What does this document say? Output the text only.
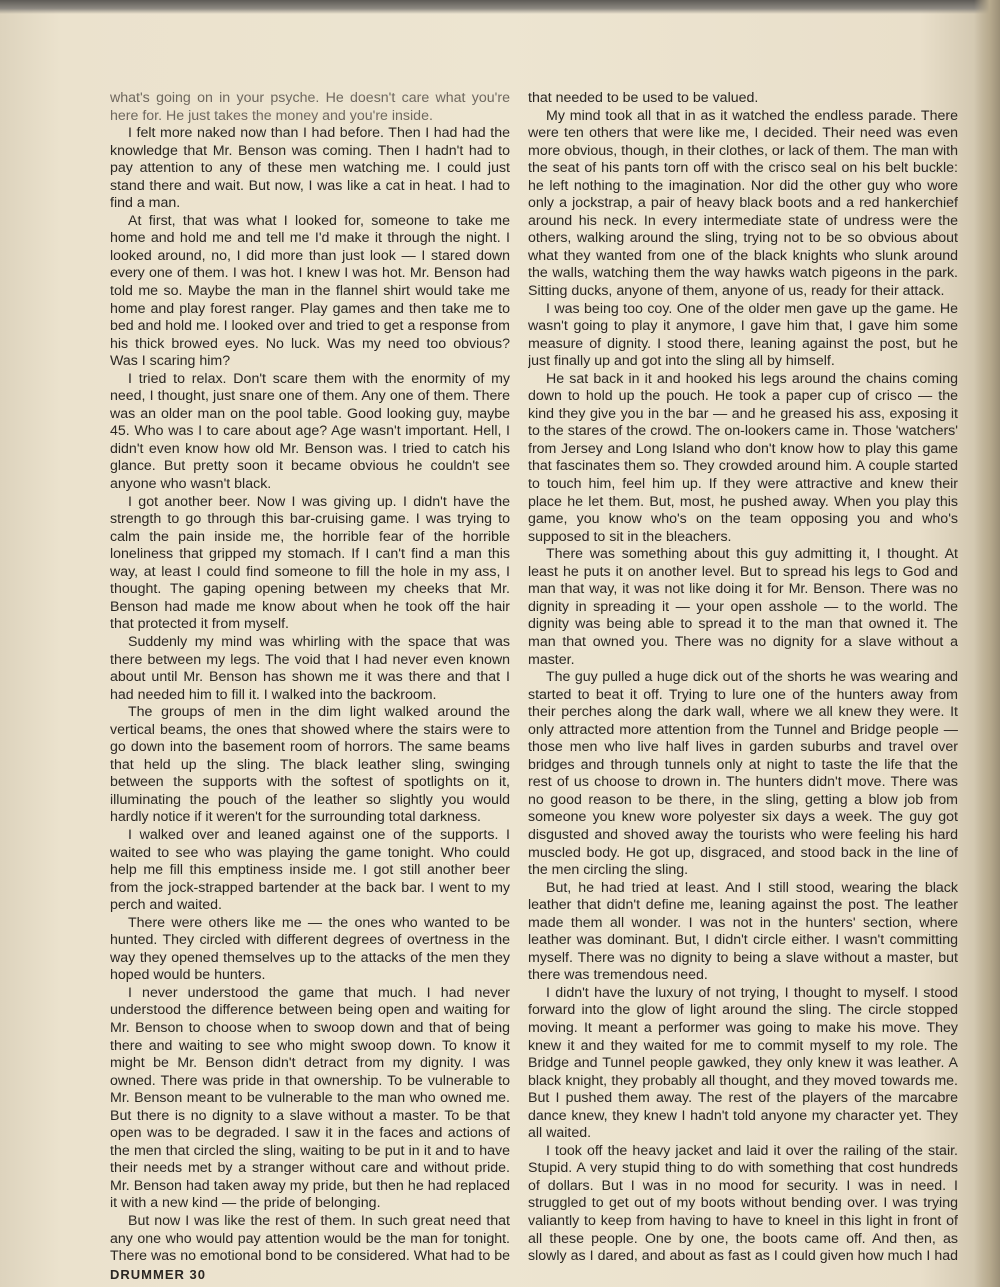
what's going on in your psyche. He doesn't care what you're here for. He just takes the money and you're inside.

I felt more naked now than I had before. Then I had had the knowledge that Mr. Benson was coming. Then I hadn't had to pay attention to any of these men watching me. I could just stand there and wait. But now, I was like a cat in heat. I had to find a man.

At first, that was what I looked for, someone to take me home and hold me and tell me I'd make it through the night. I looked around, no, I did more than just look — I stared down every one of them. I was hot. I knew I was hot. Mr. Benson had told me so. Maybe the man in the flannel shirt would take me home and play forest ranger. Play games and then take me to bed and hold me. I looked over and tried to get a response from his thick browed eyes. No luck. Was my need too obvious? Was I scaring him?

I tried to relax. Don't scare them with the enormity of my need, I thought, just snare one of them. Any one of them. There was an older man on the pool table. Good looking guy, maybe 45. Who was I to care about age? Age wasn't important. Hell, I didn't even know how old Mr. Benson was. I tried to catch his glance. But pretty soon it became obvious he couldn't see anyone who wasn't black.

I got another beer. Now I was giving up. I didn't have the strength to go through this bar-cruising game. I was trying to calm the pain inside me, the horrible fear of the horrible loneliness that gripped my stomach. If I can't find a man this way, at least I could find someone to fill the hole in my ass, I thought. The gaping opening between my cheeks that Mr. Benson had made me know about when he took off the hair that protected it from myself.

Suddenly my mind was whirling with the space that was there between my legs. The void that I had never even known about until Mr. Benson has shown me it was there and that I had needed him to fill it. I walked into the backroom.

The groups of men in the dim light walked around the vertical beams, the ones that showed where the stairs were to go down into the basement room of horrors. The same beams that held up the sling. The black leather sling, swinging between the supports with the softest of spotlights on it, illuminating the pouch of the leather so slightly you would hardly notice if it weren't for the surrounding total darkness.

I walked over and leaned against one of the supports. I waited to see who was playing the game tonight. Who could help me fill this emptiness inside me. I got still another beer from the jock-strapped bartender at the back bar. I went to my perch and waited.

There were others like me — the ones who wanted to be hunted. They circled with different degrees of overtness in the way they opened themselves up to the attacks of the men they hoped would be hunters.

I never understood the game that much. I had never understood the difference between being open and waiting for Mr. Benson to choose when to swoop down and that of being there and waiting to see who might swoop down. To know it might be Mr. Benson didn't detract from my dignity. I was owned. There was pride in that ownership. To be vulnerable to Mr. Benson meant to be vulnerable to the man who owned me. But there is no dignity to a slave without a master. To be that open was to be degraded. I saw it in the faces and actions of the men that circled the sling, waiting to be put in it and to have their needs met by a stranger without care and without pride. Mr. Benson had taken away my pride, but then he had replaced it with a new kind — the pride of belonging.

But now I was like the rest of them. In such great need that any one who would pay attention would be the man for tonight. There was no emotional bond to be considered. What had to be

that needed to be used to be valued.

My mind took all that in as it watched the endless parade. There were ten others that were like me, I decided. Their need was even more obvious, though, in their clothes, or lack of them. The man with the seat of his pants torn off with the crisco seal on his belt buckle: he left nothing to the imagination. Nor did the other guy who wore only a jockstrap, a pair of heavy black boots and a red hankerchief around his neck. In every intermediate state of undress were the others, walking around the sling, trying not to be so obvious about what they wanted from one of the black knights who slunk around the walls, watching them the way hawks watch pigeons in the park. Sitting ducks, anyone of them, anyone of us, ready for their attack.

I was being too coy. One of the older men gave up the game. He wasn't going to play it anymore, I gave him that, I gave him some measure of dignity. I stood there, leaning against the post, but he just finally up and got into the sling all by himself.

He sat back in it and hooked his legs around the chains coming down to hold up the pouch. He took a paper cup of crisco — the kind they give you in the bar — and he greased his ass, exposing it to the stares of the crowd. The on-lookers came in. Those 'watchers' from Jersey and Long Island who don't know how to play this game that fascinates them so. They crowded around him. A couple started to touch him, feel him up. If they were attractive and knew their place he let them. But, most, he pushed away. When you play this game, you know who's on the team opposing you and who's supposed to sit in the bleachers.

There was something about this guy admitting it, I thought. At least he puts it on another level. But to spread his legs to God and man that way, it was not like doing it for Mr. Benson. There was no dignity in spreading it — your open asshole — to the world. The dignity was being able to spread it to the man that owned it. The man that owned you. There was no dignity for a slave without a master.

The guy pulled a huge dick out of the shorts he was wearing and started to beat it off. Trying to lure one of the hunters away from their perches along the dark wall, where we all knew they were. It only attracted more attention from the Tunnel and Bridge people — those men who live half lives in garden suburbs and travel over bridges and through tunnels only at night to taste the life that the rest of us choose to drown in. The hunters didn't move. There was no good reason to be there, in the sling, getting a blow job from someone you knew wore polyester six days a week. The guy got disgusted and shoved away the tourists who were feeling his hard muscled body. He got up, disgraced, and stood back in the line of the men circling the sling.

But, he had tried at least. And I still stood, wearing the black leather that didn't define me, leaning against the post. The leather made them all wonder. I was not in the hunters' section, where leather was dominant. But, I didn't circle either. I wasn't committing myself. There was no dignity to being a slave without a master, but there was tremendous need.

I didn't have the luxury of not trying, I thought to myself. I stood forward into the glow of light around the sling. The circle stopped moving. It meant a performer was going to make his move. They knew it and they waited for me to commit myself to my role. The Bridge and Tunnel people gawked, they only knew it was leather. A black knight, they probably all thought, and they moved towards me. But I pushed them away. The rest of the players of the marcabre dance knew, they knew I hadn't told anyone my character yet. They all waited.

I took off the heavy jacket and laid it over the railing of the stair. Stupid. A very stupid thing to do with something that cost hundreds of dollars. But I was in no mood for security. I was in need. I struggled to get out of my boots without bending over. I was trying valiantly to keep from having to have to kneel in this light in front of all these people. One by one, the boots came off. And then, as slowly as I dared, and about as fast as I could given how much I had

DRUMMER 30
